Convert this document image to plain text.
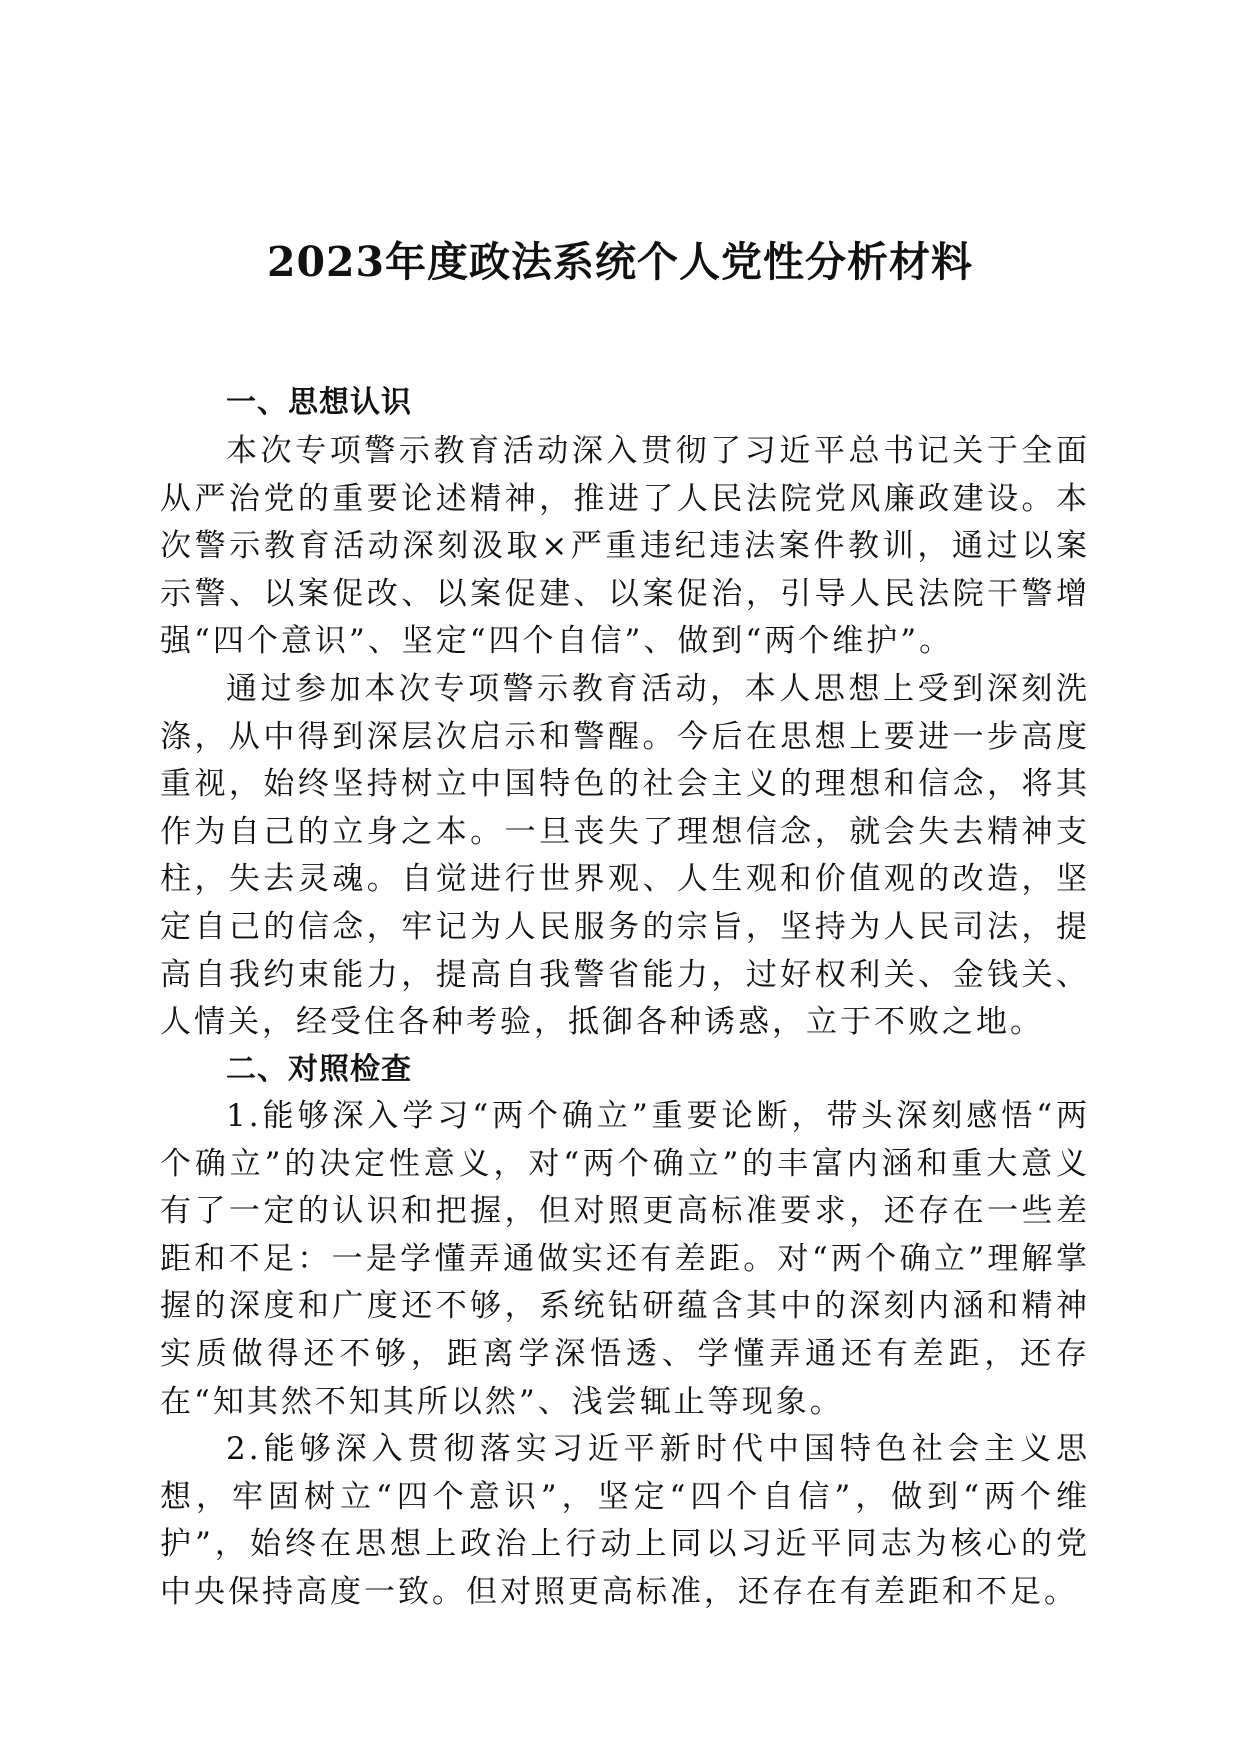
2023年度政法系统个人党性分析材料
一、思想认识

本次专项警示教育活动深入贯彻了习近平总书记关于全面从严治党的重要论述精神，推进了人民法院党风廉政建设。本次警示教育活动深刻汲取×严重违纪违法案件教训，通过以案示警、以案促改、以案促建、以案促治，引导人民法院干警增强“四个意识”、坚定“四个自信”、做到“两个维护”。

通过参加本次专项警示教育活动，本人思想上受到深刻洗涤，从中得到深层次启示和警醒。今后在思想上要进一步高度重视，始终坚持树立中国特色的社会主义的理想和信念，将其作为自己的立身之本。一旦丧失了理想信念，就会失去精神支柱，失去灵魂。自觉进行世界观、人生观和价值观的改造，坚定自己的信念，牢记为人民服务的宗旨，坚持为人民司法，提高自我约束能力，提高自我警省能力，过好权利关、金钱关、人情关，经受住各种考验，抵御各种诱惑，立于不败之地。

二、对照检查

1.能够深入学习“两个确立”重要论断，带头深刻感悟“两个确立”的决定性意义，对“两个确立”的丰富内涵和重大意义有了一定的认识和把握，但对照更高标准要求，还存在一些差距和不足：一是学懂弄通做实还有差距。对“两个确立”理解掌握的深度和广度还不够，系统钻研蕴含其中的深刻内涵和精神实质做得还不够，距离学深悟透、学懂弄通还有差距，还存在“知其然不知其所以然”、浅尝辄止等现象。

2.能够深入贯彻落实习近平新时代中国特色社会主义思想，牢固树立“四个意识”，坚定“四个自信”，做到“两个维护”，始终在思想上政治上行动上同以习近平同志为核心的党中央保持高度一致。但对照更高标准，还存在有差距和不足。
